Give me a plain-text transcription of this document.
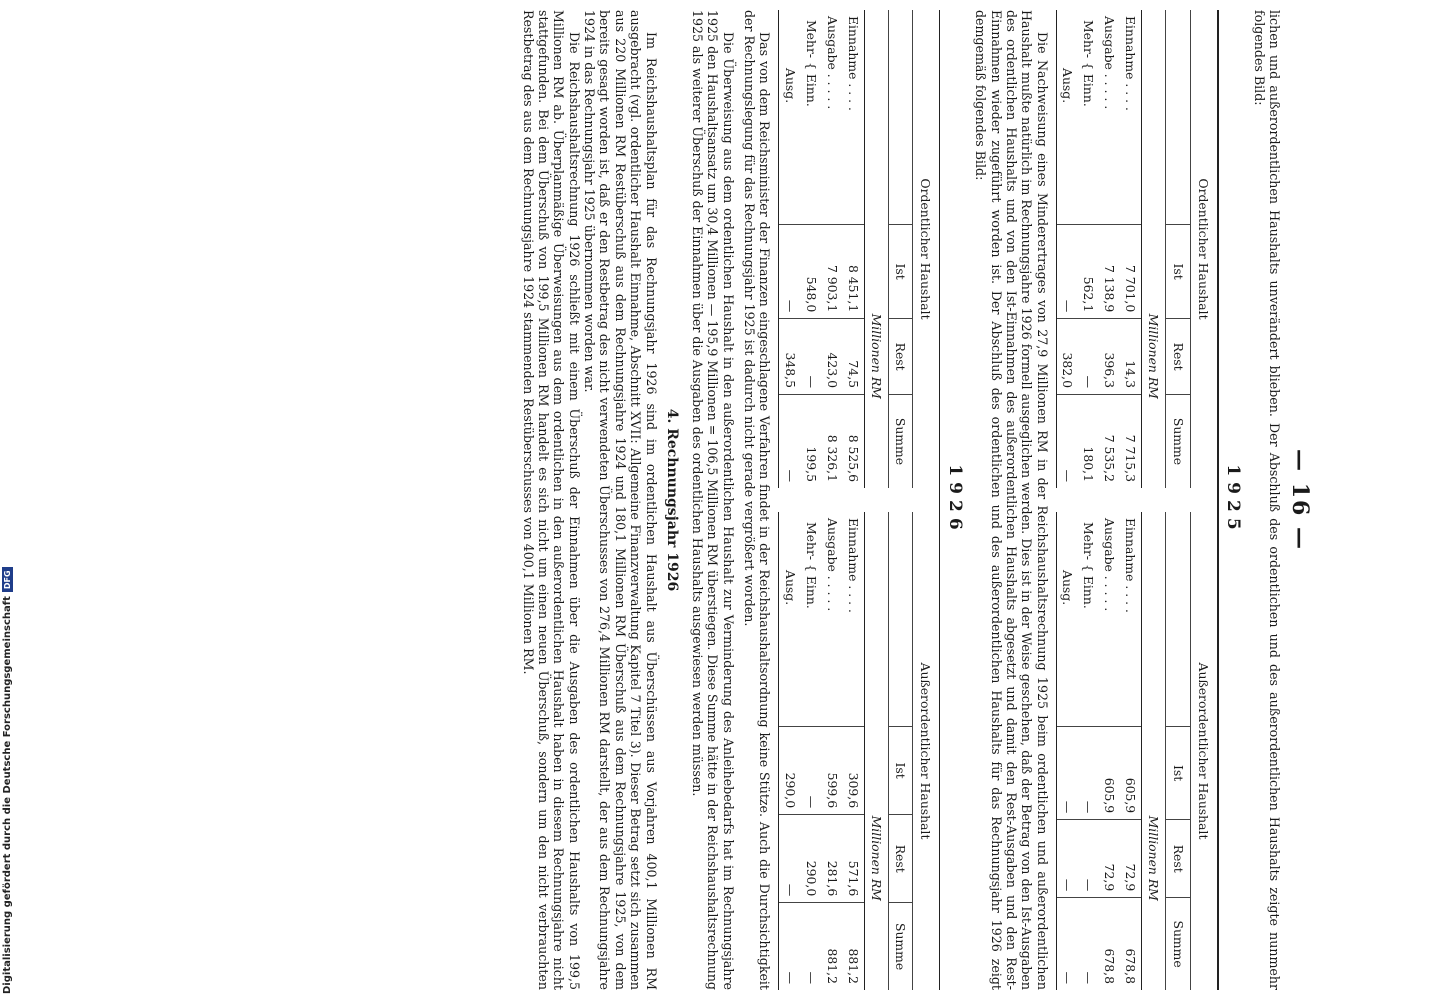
— 16 —

lichen und außerordentlichen Haushalts unverändert blieben. Der Abschluß des ordentlichen und des außerordentlichen Haushalts zeigte nunmehr folgendes Bild:

1925
Ordentlicher Haushalt			
	Ist	Rest	Summe
	Millionen RM		
Einnahme . . . .	7 701,0	14,3	7 715,3
Ausgabe . . . . .	7 138,9	396,3	7 535,2
Mehr- { Einn.	562,1	—	180,1
Ausg.	—	382,0	—
Außerordentlicher Haushalt			
	Ist	Rest	Summe
	Millionen RM		
Einnahme . . . .	605,9	72,9	678,8
Ausgabe . . . . .	605,9	72,9	678,8
Mehr- { Einn.	—	—	—
Ausg.	—	—	—

Die Nachweisung eines Minderertrages von 27,9 Millionen RM in der Reichshaushaltsrechnung 1925 beim ordentlichen und außerordentlichen Haushalt mußte natürlich im Rechnungsjahre 1926 formell ausgeglichen werden. Dies ist in der Weise geschehen, daß der Betrag von den Ist-Ausgaben des ordentlichen Haushalts und von den Ist-Einnahmen des außerordentlichen Haushalts abgesetzt und damit den Rest-Ausgaben und den Rest-Einnahmen wieder zugeführt worden ist. Der Abschluß des ordentlichen und des außerordentlichen Haushalts für das Rechnungsjahr 1926 zeigt demgemäß folgendes Bild:

1926
Ordentlicher Haushalt			
	Ist	Rest	Summe
	Millionen RM		
Einnahme . . . .	8 451,1	74,5	8 525,6
Ausgabe . . . . .	7 903,1	423,0	8 326,1
Mehr- { Einn.	548,0	—	199,5
Ausg.	—	348,5	—
Außerordentlicher Haushalt			
	Ist	Rest	Summe
	Millionen RM		
Einnahme . . . .	309,6	571,6	881,2
Ausgabe . . . . .	599,6	281,6	881,2
Mehr- { Einn.	—	290,0	—
Ausg.	290,0	—	—

Das von dem Reichsminister der Finanzen eingeschlagene Verfahren findet in der Reichshaushaltsordnung keine Stütze. Auch die Durchsichtigkeit der Rechnungslegung für das Rechnungsjahr 1925 ist dadurch nicht gerade vergrößert worden.

Die Überweisung aus dem ordentlichen Haushalt in den außerordentlichen Haushalt zur Verminderung des Anleihebedarfs hat im Rechnungsjahre 1925 den Haushaltsansatz um 30,4 Millionen — 195,9 Millionen = 106,5 Millionen RM überstiegen. Diese Summe hätte in der Reichshaushaltsrechnung 1925 als weiterer Überschuß der Einnahmen über die Ausgaben des ordentlichen Haushalts ausgewiesen werden müssen.

4. Rechnungsjahr 1926

Im Reichshaushaltsplan für das Rechnungsjahr 1926 sind im ordentlichen Haushalt aus Überschüssen aus Vorjahren 400,1 Millionen RM ausgebracht (vgl. ordentlicher Haushalt Einnahme, Abschnitt XVII: Allgemeine Finanzverwaltung Kapitel 7 Titel 3). Dieser Betrag setzt sich zusammen aus 220 Millionen RM Restüberschuß aus dem Rechnungsjahre 1924 und 180,1 Millionen RM Überschuß aus dem Rechnungsjahre 1925, von dem bereits gesagt worden ist, daß er den Restbetrag des nicht verwendeten Überschusses von 276,4 Millionen RM darstellt, der aus dem Rechnungsjahre 1924 in das Rechnungsjahr 1925 übernommen worden war.

Die Reichshaushaltsrechnung 1926 schließt mit einem Überschuß der Einnahmen über die Ausgaben des ordentlichen Haushalts von 199,5 Millionen RM ab. Überplanmäßige Überweisungen aus dem ordentlichen in den außerordentlichen Haushalt haben in diesem Rechnungsjahre nicht stattgefunden. Bei dem Überschuß von 199,5 Millionen RM handelt es sich nicht um einen neuen Überschuß, sondern um den nicht verbrauchten Restbetrag des aus dem Rechnungsjahre 1924 stammenden Restüberschusses von 400,1 Millionen RM.

Digitalisierung gefördert durch die Deutsche Forschungsgemeinschaft
DFG
